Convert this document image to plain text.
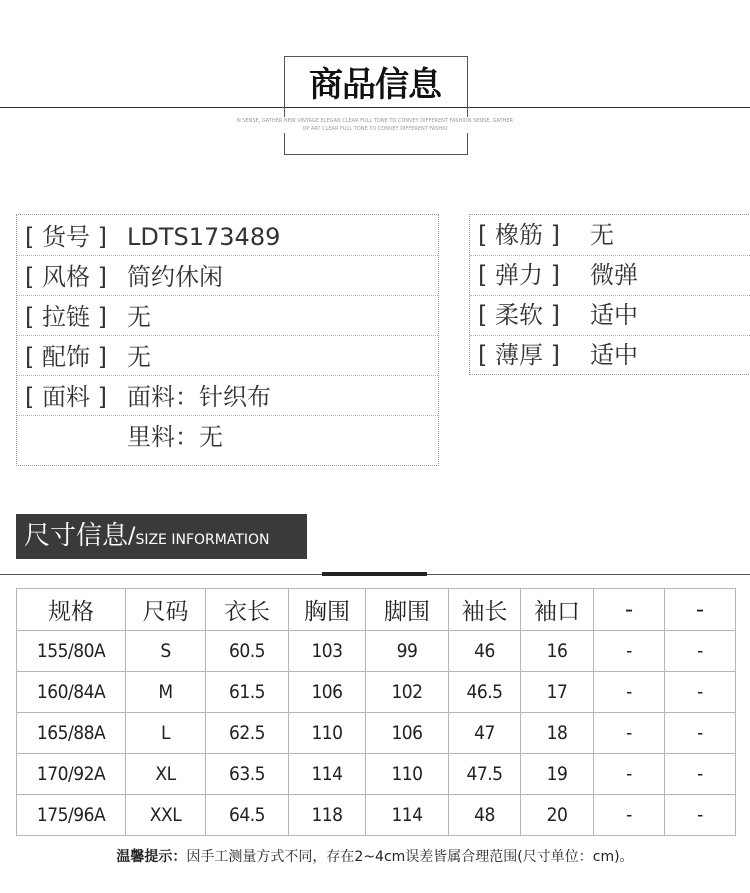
商品信息
N SENSE, GATHER NEW VINTAGE ELEGAN CLEAR FULL TONE TO CONVEY DIFFERENT FASHION SENSE, GATHER
OP ART CLEAR FULL TONE TO CONVEY DIFFERENT FASHIO
[ 货号 ] LDTS173489
[ 风格 ] 简约休闲
[ 拉链 ] 无
[ 配饰 ] 无
[ 面料 ] 面料：针织布
里料：无
[ 橡筋 ] 无
[ 弹力 ] 微弹
[ 柔软 ] 适中
[ 薄厚 ] 适中
尺寸信息/SIZE INFORMATION
规格	尺码	衣长	胸围	脚围	袖长	袖口	-	-
155/80A	S	60.5	103	99	46	16	-	-
160/84A	M	61.5	106	102	46.5	17	-	-
165/88A	L	62.5	110	106	47	18	-	-
170/92A	XL	63.5	114	110	47.5	19	-	-
175/96A	XXL	64.5	118	114	48	20	-	-
温馨提示：因手工测量方式不同，存在2~4cm误差皆属合理范围(尺寸单位：cm)。
